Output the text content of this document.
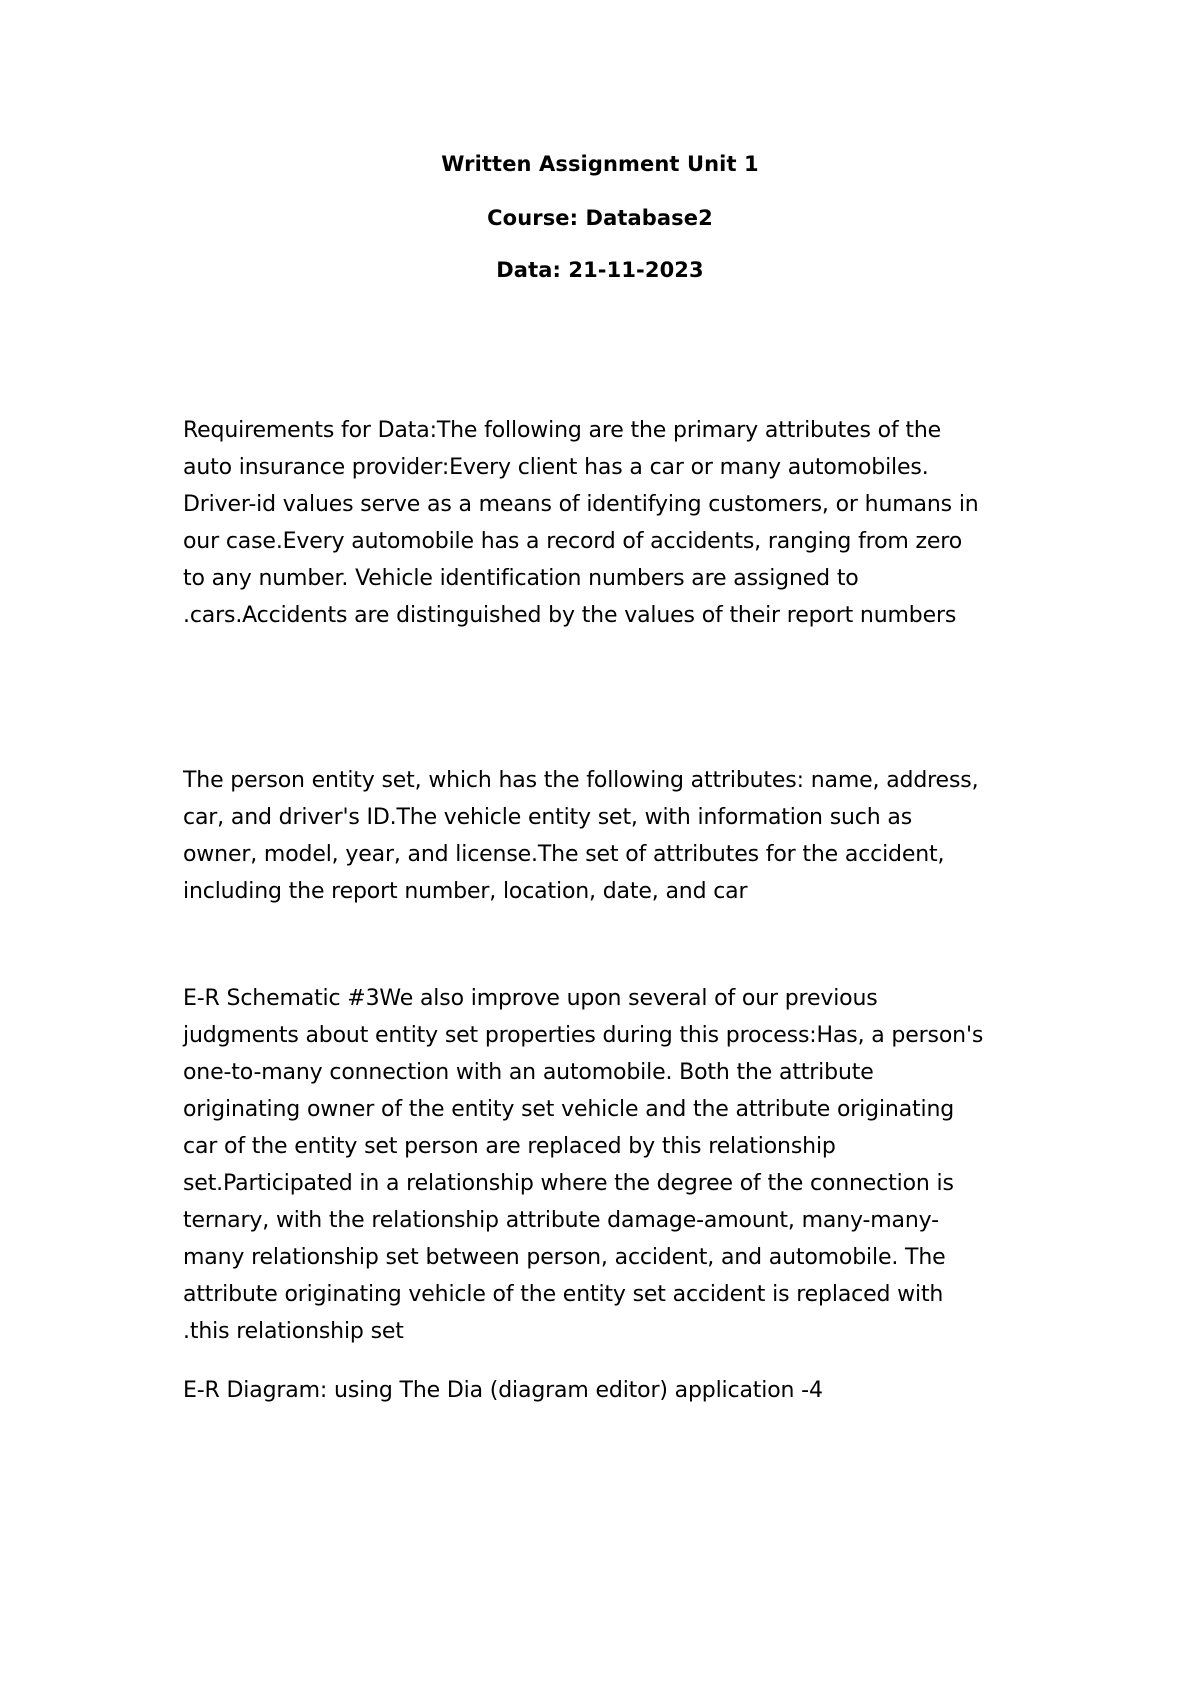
Written Assignment Unit 1
Course: Database2
Data: 21-11-2023
Requirements for Data:The following are the primary attributes of the
auto insurance provider:Every client has a car or many automobiles.
Driver-id values serve as a means of identifying customers, or humans in
our case.Every automobile has a record of accidents, ranging from zero
to any number. Vehicle identification numbers are assigned to
.cars.Accidents are distinguished by the values of their report numbers
The person entity set, which has the following attributes: name, address,
car, and driver's ID.The vehicle entity set, with information such as
owner, model, year, and license.The set of attributes for the accident,
including the report number, location, date, and car
E-R Schematic #3We also improve upon several of our previous
judgments about entity set properties during this process:Has, a person's
one-to-many connection with an automobile. Both the attribute
originating owner of the entity set vehicle and the attribute originating
car of the entity set person are replaced by this relationship
set.Participated in a relationship where the degree of the connection is
ternary, with the relationship attribute damage-amount, many-many-
many relationship set between person, accident, and automobile. The
attribute originating vehicle of the entity set accident is replaced with
.this relationship set
E-R Diagram: using The Dia (diagram editor) application -4
